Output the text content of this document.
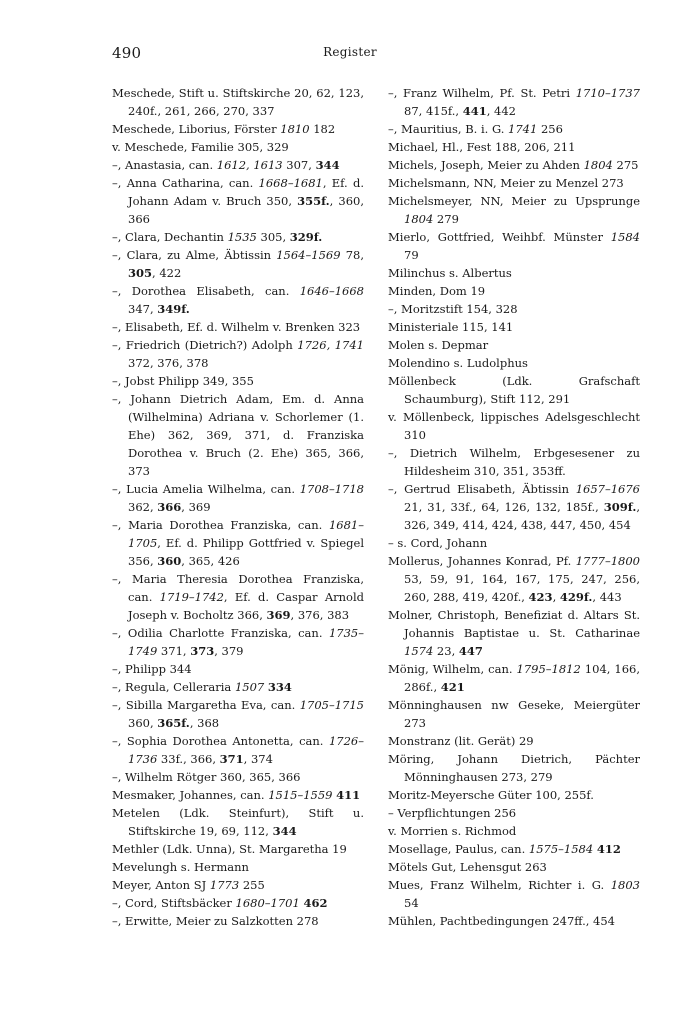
490	Register
Meschede, Stift u. Stiftskirche 20, 62, 123, 240f., 261, 266, 270, 337
Meschede, Liborius, Förster 1810 182
v. Meschede, Familie 305, 329
–, Anastasia, can. 1612, 1613 307, 344
–, Anna Catharina, can. 1668–1681, Ef. d. Johann Adam v. Bruch 350, 355f., 360, 366
–, Clara, Dechantin 1535 305, 329f.
–, Clara, zu Alme, Äbtissin 1564–1569 78, 305, 422
–, Dorothea Elisabeth, can. 1646–1668 347, 349f.
–, Elisabeth, Ef. d. Wilhelm v. Brenken 323
–, Friedrich (Dietrich?) Adolph 1726, 1741 372, 376, 378
–, Jobst Philipp 349, 355
–, Johann Dietrich Adam, Em. d. Anna (Wilhelmina) Adriana v. Schorlemer (1. Ehe) 362, 369, 371, d. Franziska Dorothea v. Bruch (2. Ehe) 365, 366, 373
–, Lucia Amelia Wilhelma, can. 1708–1718 362, 366, 369
–, Maria Dorothea Franziska, can. 1681–1705, Ef. d. Philipp Gottfried v. Spiegel 356, 360, 365, 426
–, Maria Theresia Dorothea Franziska, can. 1719–1742, Ef. d. Caspar Arnold Joseph v. Bocholtz 366, 369, 376, 383
–, Odilia Charlotte Franziska, can. 1735–1749 371, 373, 379
–, Philipp 344
–, Regula, Celleraria 1507 334
–, Sibilla Margaretha Eva, can. 1705–1715 360, 365f., 368
–, Sophia Dorothea Antonetta, can. 1726–1736 33f., 366, 371, 374
–, Wilhelm Rötger 360, 365, 366
Mesmaker, Johannes, can. 1515–1559 411
Metelen (Ldk. Steinfurt), Stift u. Stiftskirche 19, 69, 112, 344
Methler (Ldk. Unna), St. Margaretha 19
Mevelungh s. Hermann
Meyer, Anton SJ 1773 255
–, Cord, Stiftsbäcker 1680–1701 462
–, Erwitte, Meier zu Salzkotten 278
–, Franz Wilhelm, Pf. St. Petri 1710–1737 87, 415f., 441, 442
–, Mauritius, B. i. G. 1741 256
Michael, Hl., Fest 188, 206, 211
Michels, Joseph, Meier zu Ahden 1804 275
Michelsmann, NN, Meier zu Menzel 273
Michelsmeyer, NN, Meier zu Upsprunge 1804 279
Mierlo, Gottfried, Weihbf. Münster 1584 79
Milinchus s. Albertus
Minden, Dom 19
–, Moritzstift 154, 328
Ministeriale 115, 141
Molen s. Depmar
Molendino s. Ludolphus
Möllenbeck (Ldk. Grafschaft Schaumburg), Stift 112, 291
v. Möllenbeck, lippisches Adelsgeschlecht 310
–, Dietrich Wilhelm, Erbgesesener zu Hildesheim 310, 351, 353ff.
–, Gertrud Elisabeth, Äbtissin 1657–1676 21, 31, 33f., 64, 126, 132, 185f., 309f., 326, 349, 414, 424, 438, 447, 450, 454
– s. Cord, Johann
Mollerus, Johannes Konrad, Pf. 1777–1800 53, 59, 91, 164, 167, 175, 247, 256, 260, 288, 419, 420f., 423, 429f., 443
Molner, Christoph, Benefiziat d. Altars St. Johannis Baptistae u. St. Catharinae 1574 23, 447
Mönig, Wilhelm, can. 1795–1812 104, 166, 286f., 421
Mönninghausen nw Geseke, Meiergüter 273
Monstranz (lit. Gerät) 29
Möring, Johann Dietrich, Pächter Mönninghausen 273, 279
Moritz-Meyersche Güter 100, 255f.
– Verpflichtungen 256
v. Morrien s. Richmod
Mosellage, Paulus, can. 1575–1584 412
Mötels Gut, Lehensgut 263
Mues, Franz Wilhelm, Richter i. G. 1803 54
Mühlen, Pachtbedingungen 247ff., 454
